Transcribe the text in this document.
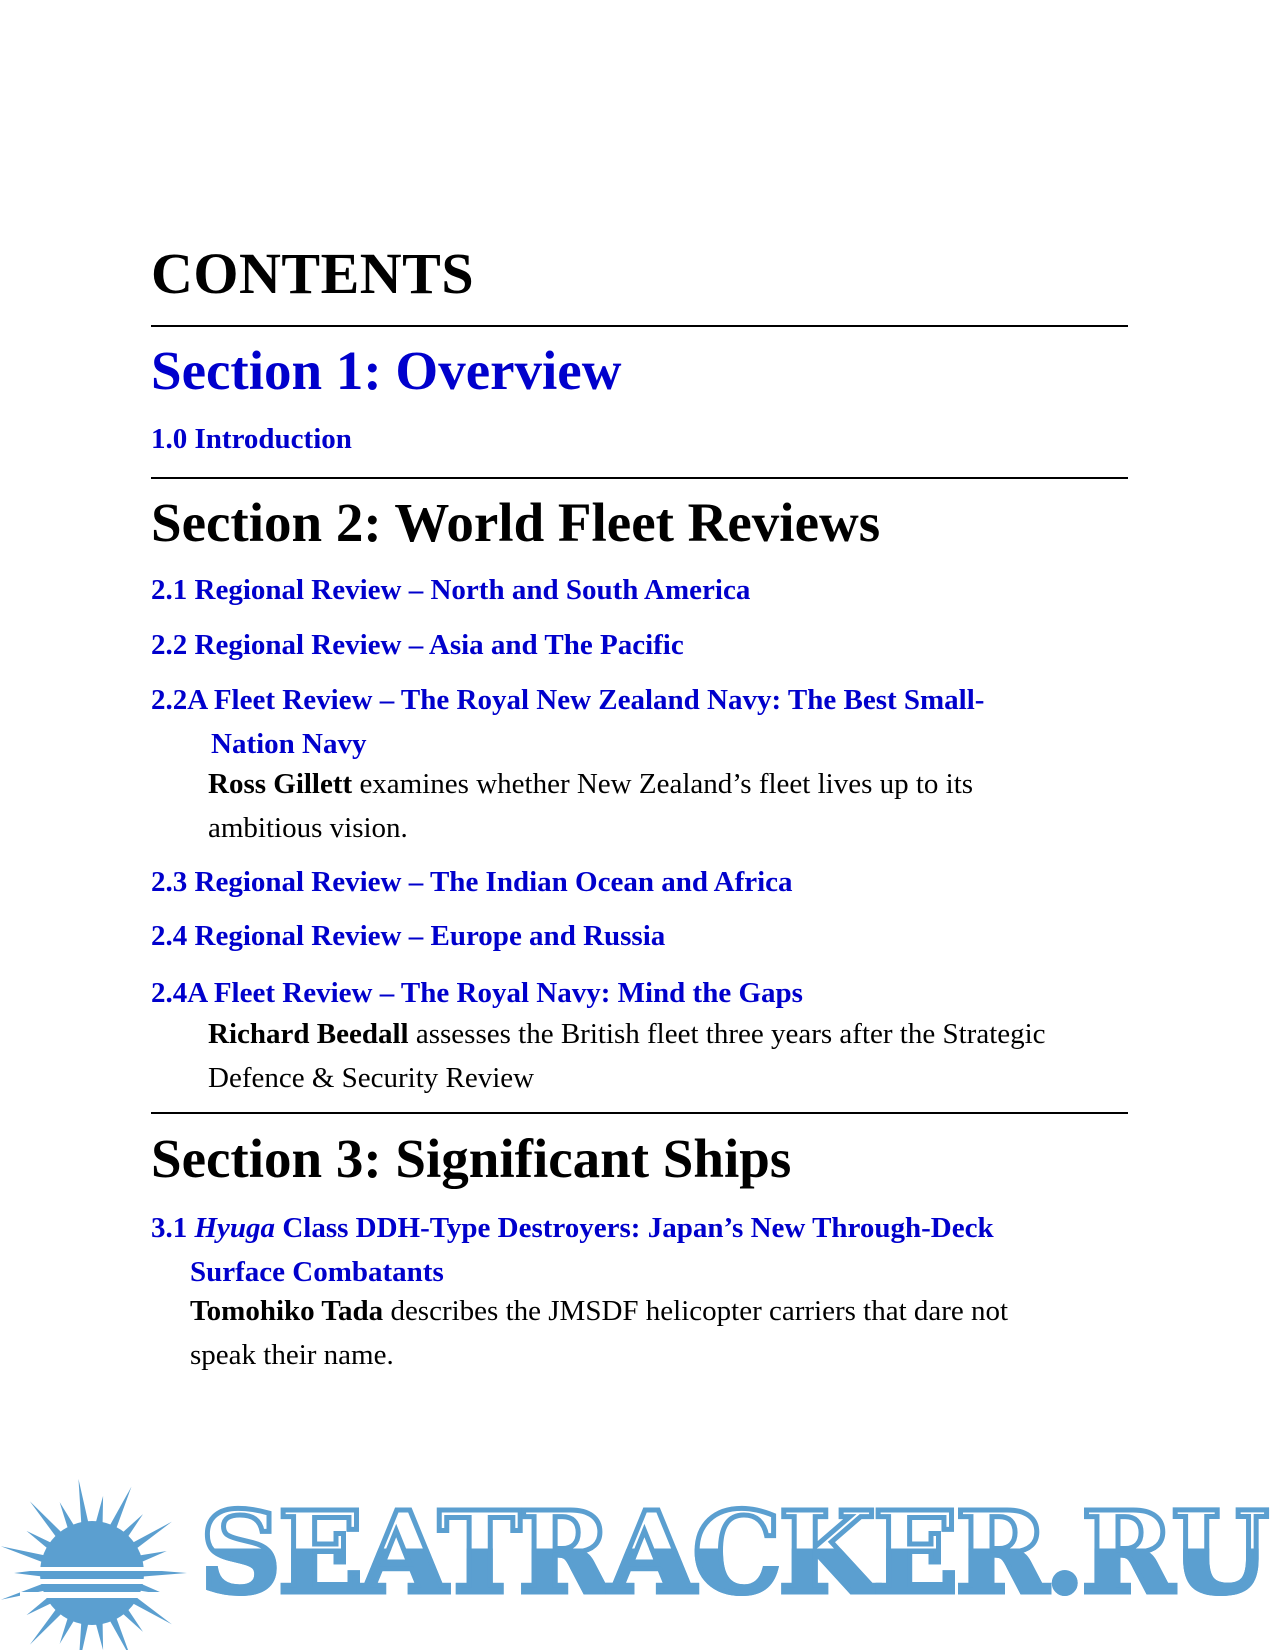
CONTENTS
Section 1: Overview
1.0 Introduction
Section 2: World Fleet Reviews
2.1 Regional Review – North and South America
2.2 Regional Review – Asia and The Pacific
2.2A Fleet Review – The Royal New Zealand Navy: The Best Small-
Nation Navy
Ross Gillett examines whether New Zealand’s fleet lives up to its
ambitious vision.
2.3 Regional Review – The Indian Ocean and Africa
2.4 Regional Review – Europe and Russia
2.4A Fleet Review – The Royal Navy: Mind the Gaps
Richard Beedall assesses the British fleet three years after the Strategic
Defence & Security Review
Section 3: Significant Ships
3.1 Hyuga Class DDH-Type Destroyers: Japan’s New Through-Deck
Surface Combatants
Tomohiko Tada describes the JMSDF helicopter carriers that dare not
speak their name.
SEATRACKER.RU
